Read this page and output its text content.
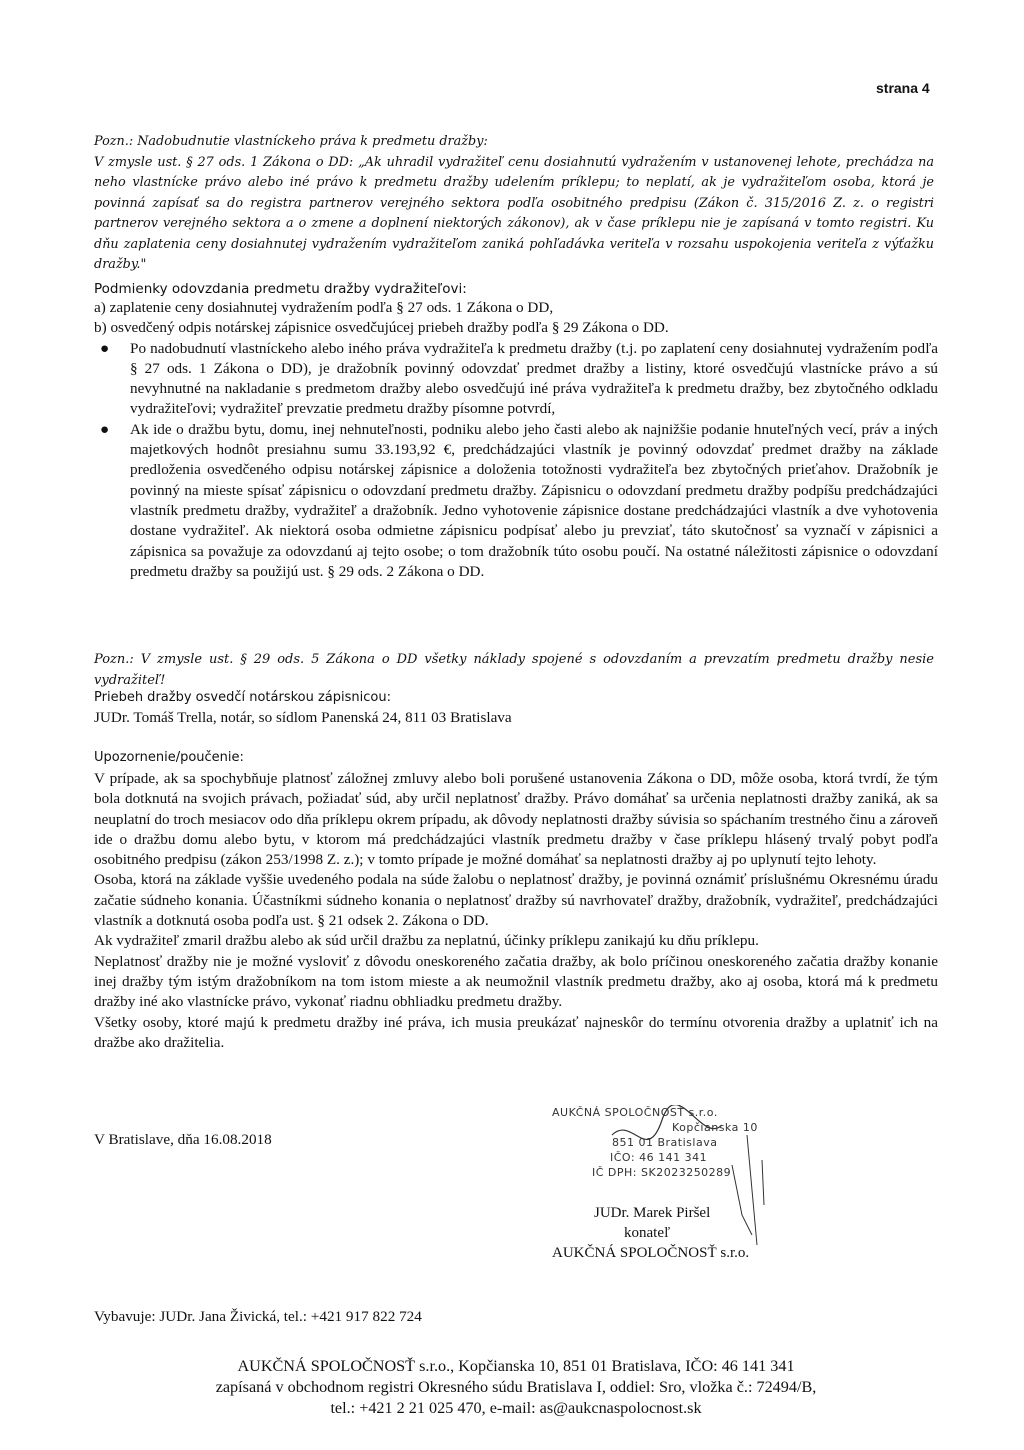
strana 4
Pozn.: Nadobudnutie vlastníckeho práva k predmetu dražby:
V zmysle ust. § 27 ods. 1 Zákona o DD: „Ak uhradil vydražiteľ cenu dosiahnutú vydražením v ustanovenej lehote, prechádza na neho vlastnícke právo alebo iné právo k predmetu dražby udelením príklepu; to neplatí, ak je vydražiteľom osoba, ktorá je povinná zapísať sa do registra partnerov verejného sektora podľa osobitného predpisu (Zákon č. 315/2016 Z. z. o registri partnerov verejného sektora a o zmene a doplnení niektorých zákonov), ak v čase príklepu nie je zapísaná v tomto registri. Ku dňu zaplatenia ceny dosiahnutej vydražením vydražiteľom zaniká pohľadávka veriteľa v rozsahu uspokojenia veriteľa z výťažku dražby."
Podmienky odovzdania predmetu dražby vydražiteľovi:

a) zaplatenie ceny dosiahnutej vydražením podľa § 27 ods. 1 Zákona o DD,

b) osvedčený odpis notárskej zápisnice osvedčujúcej priebeh dražby podľa § 29 Zákona o DD.

● Po nadobudnutí vlastníckeho alebo iného práva vydražiteľa k predmetu dražby (t.j. po zaplatení ceny dosiahnutej vydražením podľa § 27 ods. 1 Zákona o DD), je dražobník povinný odovzdať predmet dražby a listiny, ktoré osvedčujú vlastnícke právo a sú nevyhnutné na nakladanie s predmetom dražby alebo osvedčujú iné práva vydražiteľa k predmetu dražby, bez zbytočného odkladu vydražiteľovi; vydražiteľ prevzatie predmetu dražby písomne potvrdí,

● Ak ide o dražbu bytu, domu, inej nehnuteľnosti, podniku alebo jeho časti alebo ak najnižšie podanie hnuteľných vecí, práv a iných majetkových hodnôt presiahnu sumu 33.193,92 €, predchádzajúci vlastník je povinný odovzdať predmet dražby na základe predloženia osvedčeného odpisu notárskej zápisnice a doloženia totožnosti vydražiteľa bez zbytočných prieťahov. Dražobník je povinný na mieste spísať zápisnicu o odovzdaní predmetu dražby. Zápisnicu o odovzdaní predmetu dražby podpíšu predchádzajúci vlastník predmetu dražby, vydražiteľ a dražobník. Jedno vyhotovenie zápisnice dostane predchádzajúci vlastník a dve vyhotovenia dostane vydražiteľ. Ak niektorá osoba odmietne zápisnicu podpísať alebo ju prevziať, táto skutočnosť sa vyznačí v zápisnici a zápisnica sa považuje za odovzdanú aj tejto osobe; o tom dražobník túto osobu poučí. Na ostatné náležitosti zápisnice o odovzdaní predmetu dražby sa použijú ust. § 29 ods. 2 Zákona o DD.

Pozn.: V zmysle ust. § 29 ods. 5 Zákona o DD všetky náklady spojené s odovzdaním a prevzatím predmetu dražby nesie vydražiteľ!
Priebeh dražby osvedčí notárskou zápisnicou:
JUDr. Tomáš Trella, notár, so sídlom Panenská 24, 811 03 Bratislava
Upozornenie/poučenie:

V prípade, ak sa spochybňuje platnosť záložnej zmluvy alebo boli porušené ustanovenia Zákona o DD, môže osoba, ktorá tvrdí, že tým bola dotknutá na svojich právach, požiadať súd, aby určil neplatnosť dražby. Právo domáhať sa určenia neplatnosti dražby zaniká, ak sa neuplatní do troch mesiacov odo dňa príklepu okrem prípadu, ak dôvody neplatnosti dražby súvisia so spáchaním trestného činu a zároveň ide o dražbu domu alebo bytu, v ktorom má predchádzajúci vlastník predmetu dražby v čase príklepu hlásený trvalý pobyt podľa osobitného predpisu (zákon 253/1998 Z. z.); v tomto prípade je možné domáhať sa neplatnosti dražby aj po uplynutí tejto lehoty.

Osoba, ktorá na základe vyššie uvedeného podala na súde žalobu o neplatnosť dražby, je povinná oznámiť príslušnému Okresnému úradu začatie súdneho konania. Účastníkmi súdneho konania o neplatnosť dražby sú navrhovateľ dražby, dražobník, vydražiteľ, predchádzajúci vlastník a dotknutá osoba podľa ust. § 21 odsek 2. Zákona o DD.

Ak vydražiteľ zmaril dražbu alebo ak súd určil dražbu za neplatnú, účinky príklepu zanikajú ku dňu príklepu.

Neplatnosť dražby nie je možné vysloviť z dôvodu oneskoreného začatia dražby, ak bolo príčinou oneskoreného začatia dražby konanie inej dražby tým istým dražobníkom na tom istom mieste a ak neumožnil vlastník predmetu dražby, ako aj osoba, ktorá má k predmetu dražby iné ako vlastnícke právo, vykonať riadnu obhliadku predmetu dražby.

Všetky osoby, ktoré majú k predmetu dražby iné práva, ich musia preukázať najneskôr do termínu otvorenia dražby a uplatniť ich na dražbe ako dražitelia.

V Bratislave, dňa 16.08.2018
AUKČNÁ SPOLOČNOSŤ s.r.o.
Kopčianska 10
851 01 Bratislava
IČO: 46 141 341
IČ DPH: SK2023250289
JUDr. Marek Piršel
konateľ
AUKČNÁ SPOLOČNOSŤ s.r.o.
Vybavuje: JUDr. Jana Živická, tel.: +421 917 822 724
AUKČNÁ SPOLOČNOSŤ s.r.o., Kopčianska 10, 851 01 Bratislava, IČO: 46 141 341
zapísaná v obchodnom registri Okresného súdu Bratislava I, oddiel: Sro, vložka č.: 72494/B,
tel.: +421 2 21 025 470, e-mail: as@aukcnaspolocnost.sk
